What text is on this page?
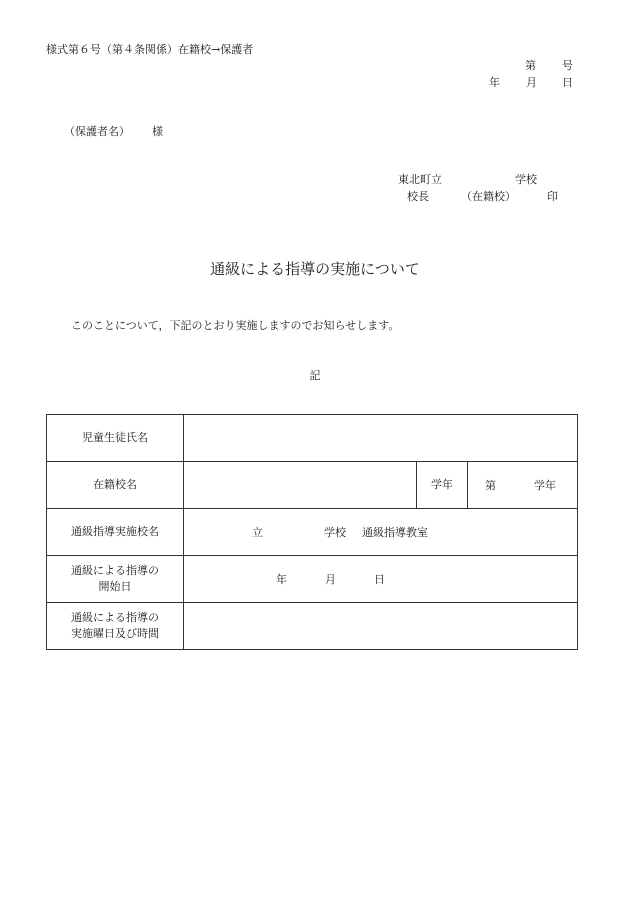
様式第６号（第４条関係）在籍校→保護者
第 号
年 月 日
（保護者名） 様
東北町立	学校
校長	（在籍校）	印
通級による指導の実施について
このことについて，下記のとおり実施しますのでお知らせします。
記
児童生徒氏名			
在籍校名		学年	第 学年

通級指導実施校名	立 学校 通級指導教室		

通級による指導の
開始日	年 月 日		

通級による指導の
実施曜日及び時間			
